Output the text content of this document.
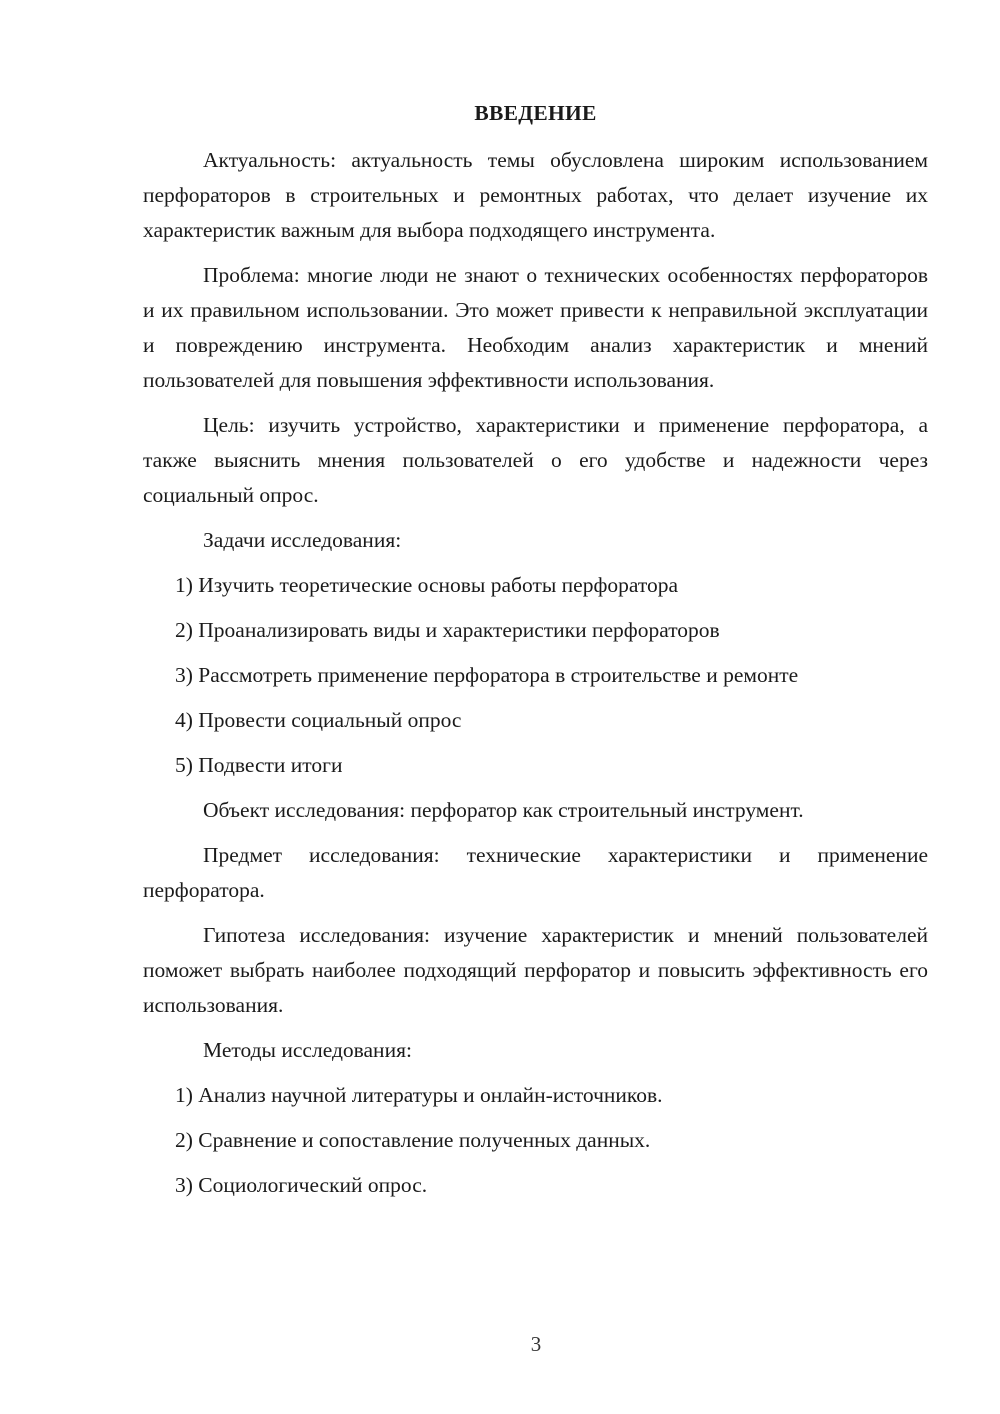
ВВЕДЕНИЕ

Актуальность: актуальность темы обусловлена широким использованием перфораторов в строительных и ремонтных работах, что делает изучение их характеристик важным для выбора подходящего инструмента.

Проблема: многие люди не знают о технических особенностях перфораторов и их правильном использовании. Это может привести к неправильной эксплуатации и повреждению инструмента. Необходим анализ характеристик и мнений пользователей для повышения эффективности использования.

Цель: изучить устройство, характеристики и применение перфоратора, а также выяснить мнения пользователей о его удобстве и надежности через социальный опрос.

Задачи исследования:

1) Изучить теоретические основы работы перфоратора
2) Проанализировать виды и характеристики перфораторов
3) Рассмотреть применение перфоратора в строительстве и ремонте
4) Провести социальный опрос
5) Подвести итоги

Объект исследования: перфоратор как строительный инструмент.

Предмет исследования: технические характеристики и применение перфоратора.

Гипотеза исследования: изучение характеристик и мнений пользователей поможет выбрать наиболее подходящий перфоратор и повысить эффективность его использования.

Методы исследования:

1) Анализ научной литературы и онлайн-источников.
2) Сравнение и сопоставление полученных данных.
3) Социологический опрос.
3
